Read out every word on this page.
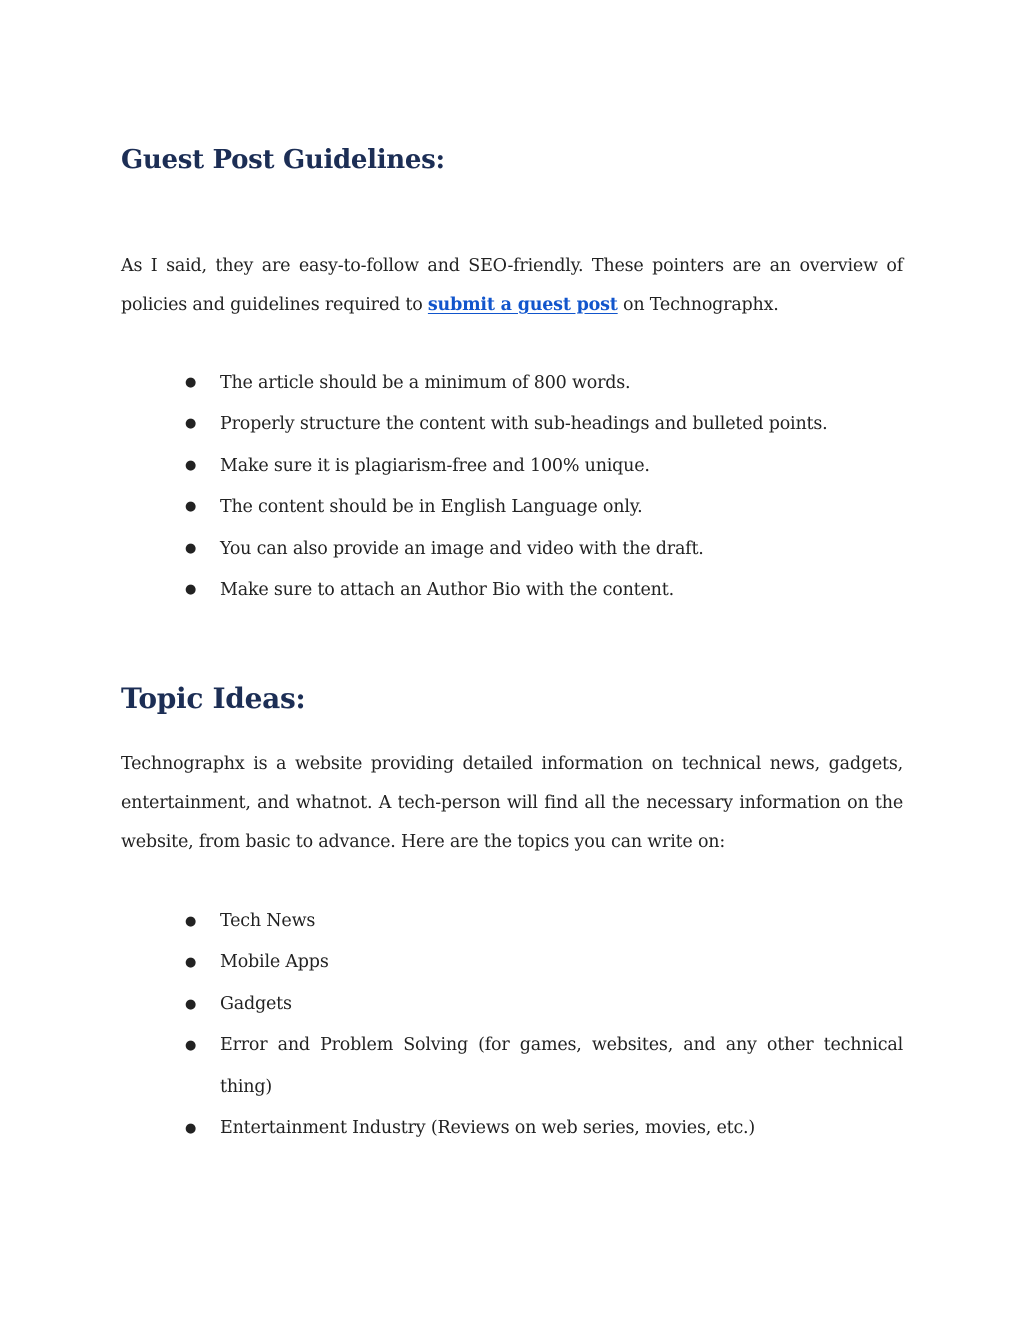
Guest Post Guidelines:

As I said, they are easy-to-follow and SEO-friendly. These pointers are an overview of policies and guidelines required to submit a guest post on Technographx.

● The article should be a minimum of 800 words.
● Properly structure the content with sub-headings and bulleted points.
● Make sure it is plagiarism-free and 100% unique.
● The content should be in English Language only.
● You can also provide an image and video with the draft.
● Make sure to attach an Author Bio with the content.
Topic Ideas:

Technographx is a website providing detailed information on technical news, gadgets, entertainment, and whatnot. A tech-person will find all the necessary information on the website, from basic to advance. Here are the topics you can write on:

● Tech News
● Mobile Apps
● Gadgets
● Error and Problem Solving (for games, websites, and any other technical thing)
● Entertainment Industry (Reviews on web series, movies, etc.)
